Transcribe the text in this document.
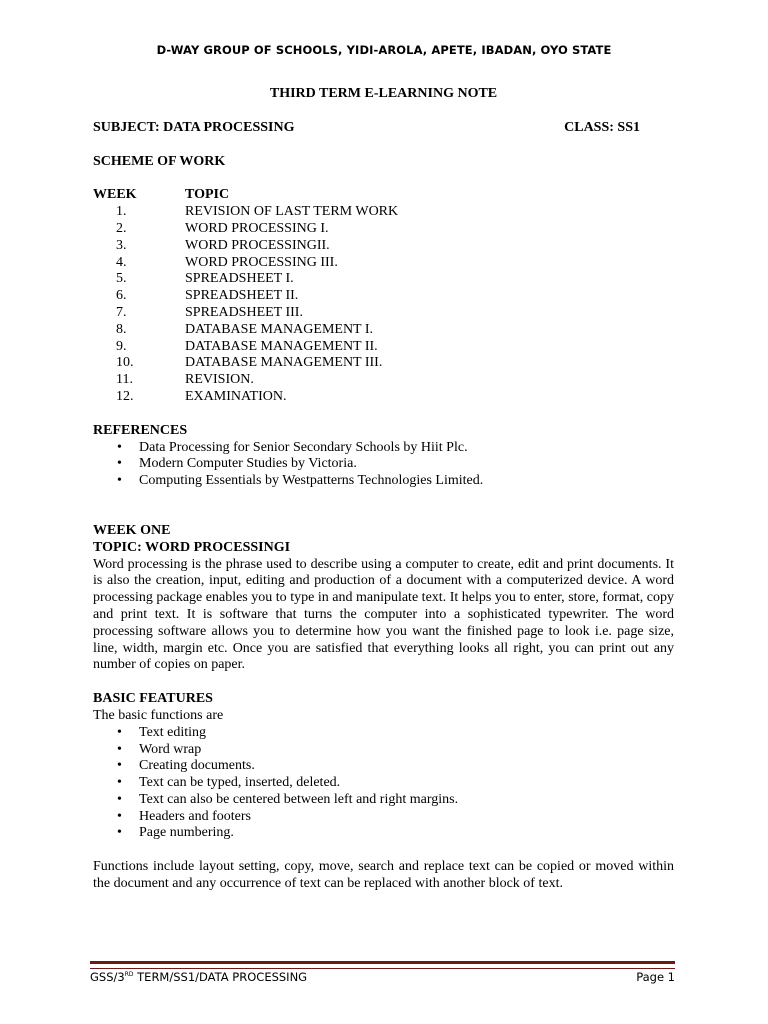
D-WAY GROUP OF SCHOOLS, YIDI-AROLA, APETE, IBADAN, OYO STATE
THIRD TERM E-LEARNING NOTE
SUBJECT: DATA PROCESSING	CLASS: SS1
SCHEME OF WORK
WEEK	TOPIC
1.	REVISION OF LAST TERM WORK
2.	WORD PROCESSING I.
3.	WORD PROCESSINGII.
4.	WORD PROCESSING III.
5.	SPREADSHEET I.
6.	SPREADSHEET II.
7.	SPREADSHEET III.
8.	DATABASE MANAGEMENT I.
9.	DATABASE MANAGEMENT II.
10.	DATABASE MANAGEMENT III.
11.	REVISION.
12.	EXAMINATION.
REFERENCES
• Data Processing for Senior Secondary Schools by Hiit Plc.
• Modern Computer Studies by Victoria.
• Computing Essentials by Westpatterns Technologies Limited.
WEEK ONE
TOPIC: WORD PROCESSINGI
Word processing is the phrase used to describe using a computer to create, edit and print documents. It is also the creation, input, editing and production of a document with a computerized device. A word processing package enables you to type in and manipulate text. It helps you to enter, store, format, copy and print text. It is software that turns the computer into a sophisticated typewriter. The word processing software allows you to determine how you want the finished page to look i.e. page size, line, width, margin etc. Once you are satisfied that everything looks all right, you can print out any number of copies on paper.
BASIC FEATURES
The basic functions are
• Text editing
• Word wrap
• Creating documents.
• Text can be typed, inserted, deleted.
• Text can also be centered between left and right margins.
• Headers and footers
• Page numbering.
Functions include layout setting, copy, move, search and replace text can be copied or moved within the document and any occurrence of text can be replaced with another block of text.
GSS/3RD TERM/SS1/DATA PROCESSING	Page 1
